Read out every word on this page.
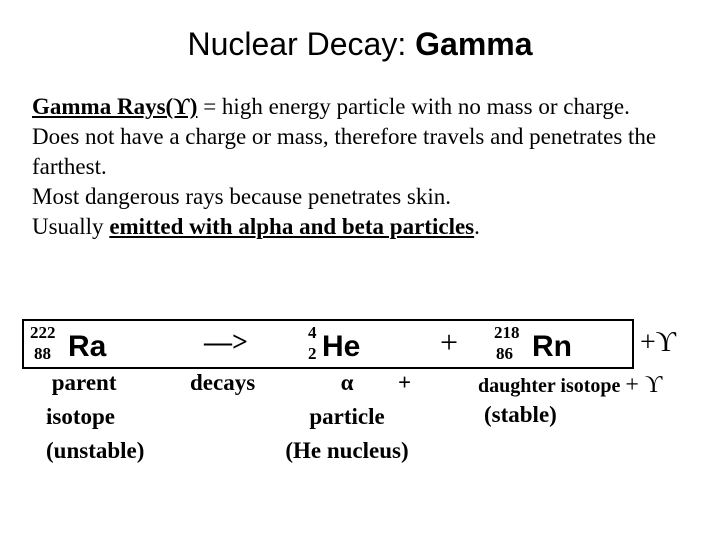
Nuclear Decay: Gamma

Gamma Rays(ϒ) = high energy particle with no mass or charge.

Does not have a charge or mass, therefore travels and penetrates the farthest.

Most dangerous rays because penetrates skin.

Usually emitted with alpha and beta particles.

222
88 Ra	—>	4
2 He + 218
86 Rn +ϒ
parent
isotope
(unstable)
decays	α
particle
(He nucleus)
+	daughter isotope + ϒ
(stable)
